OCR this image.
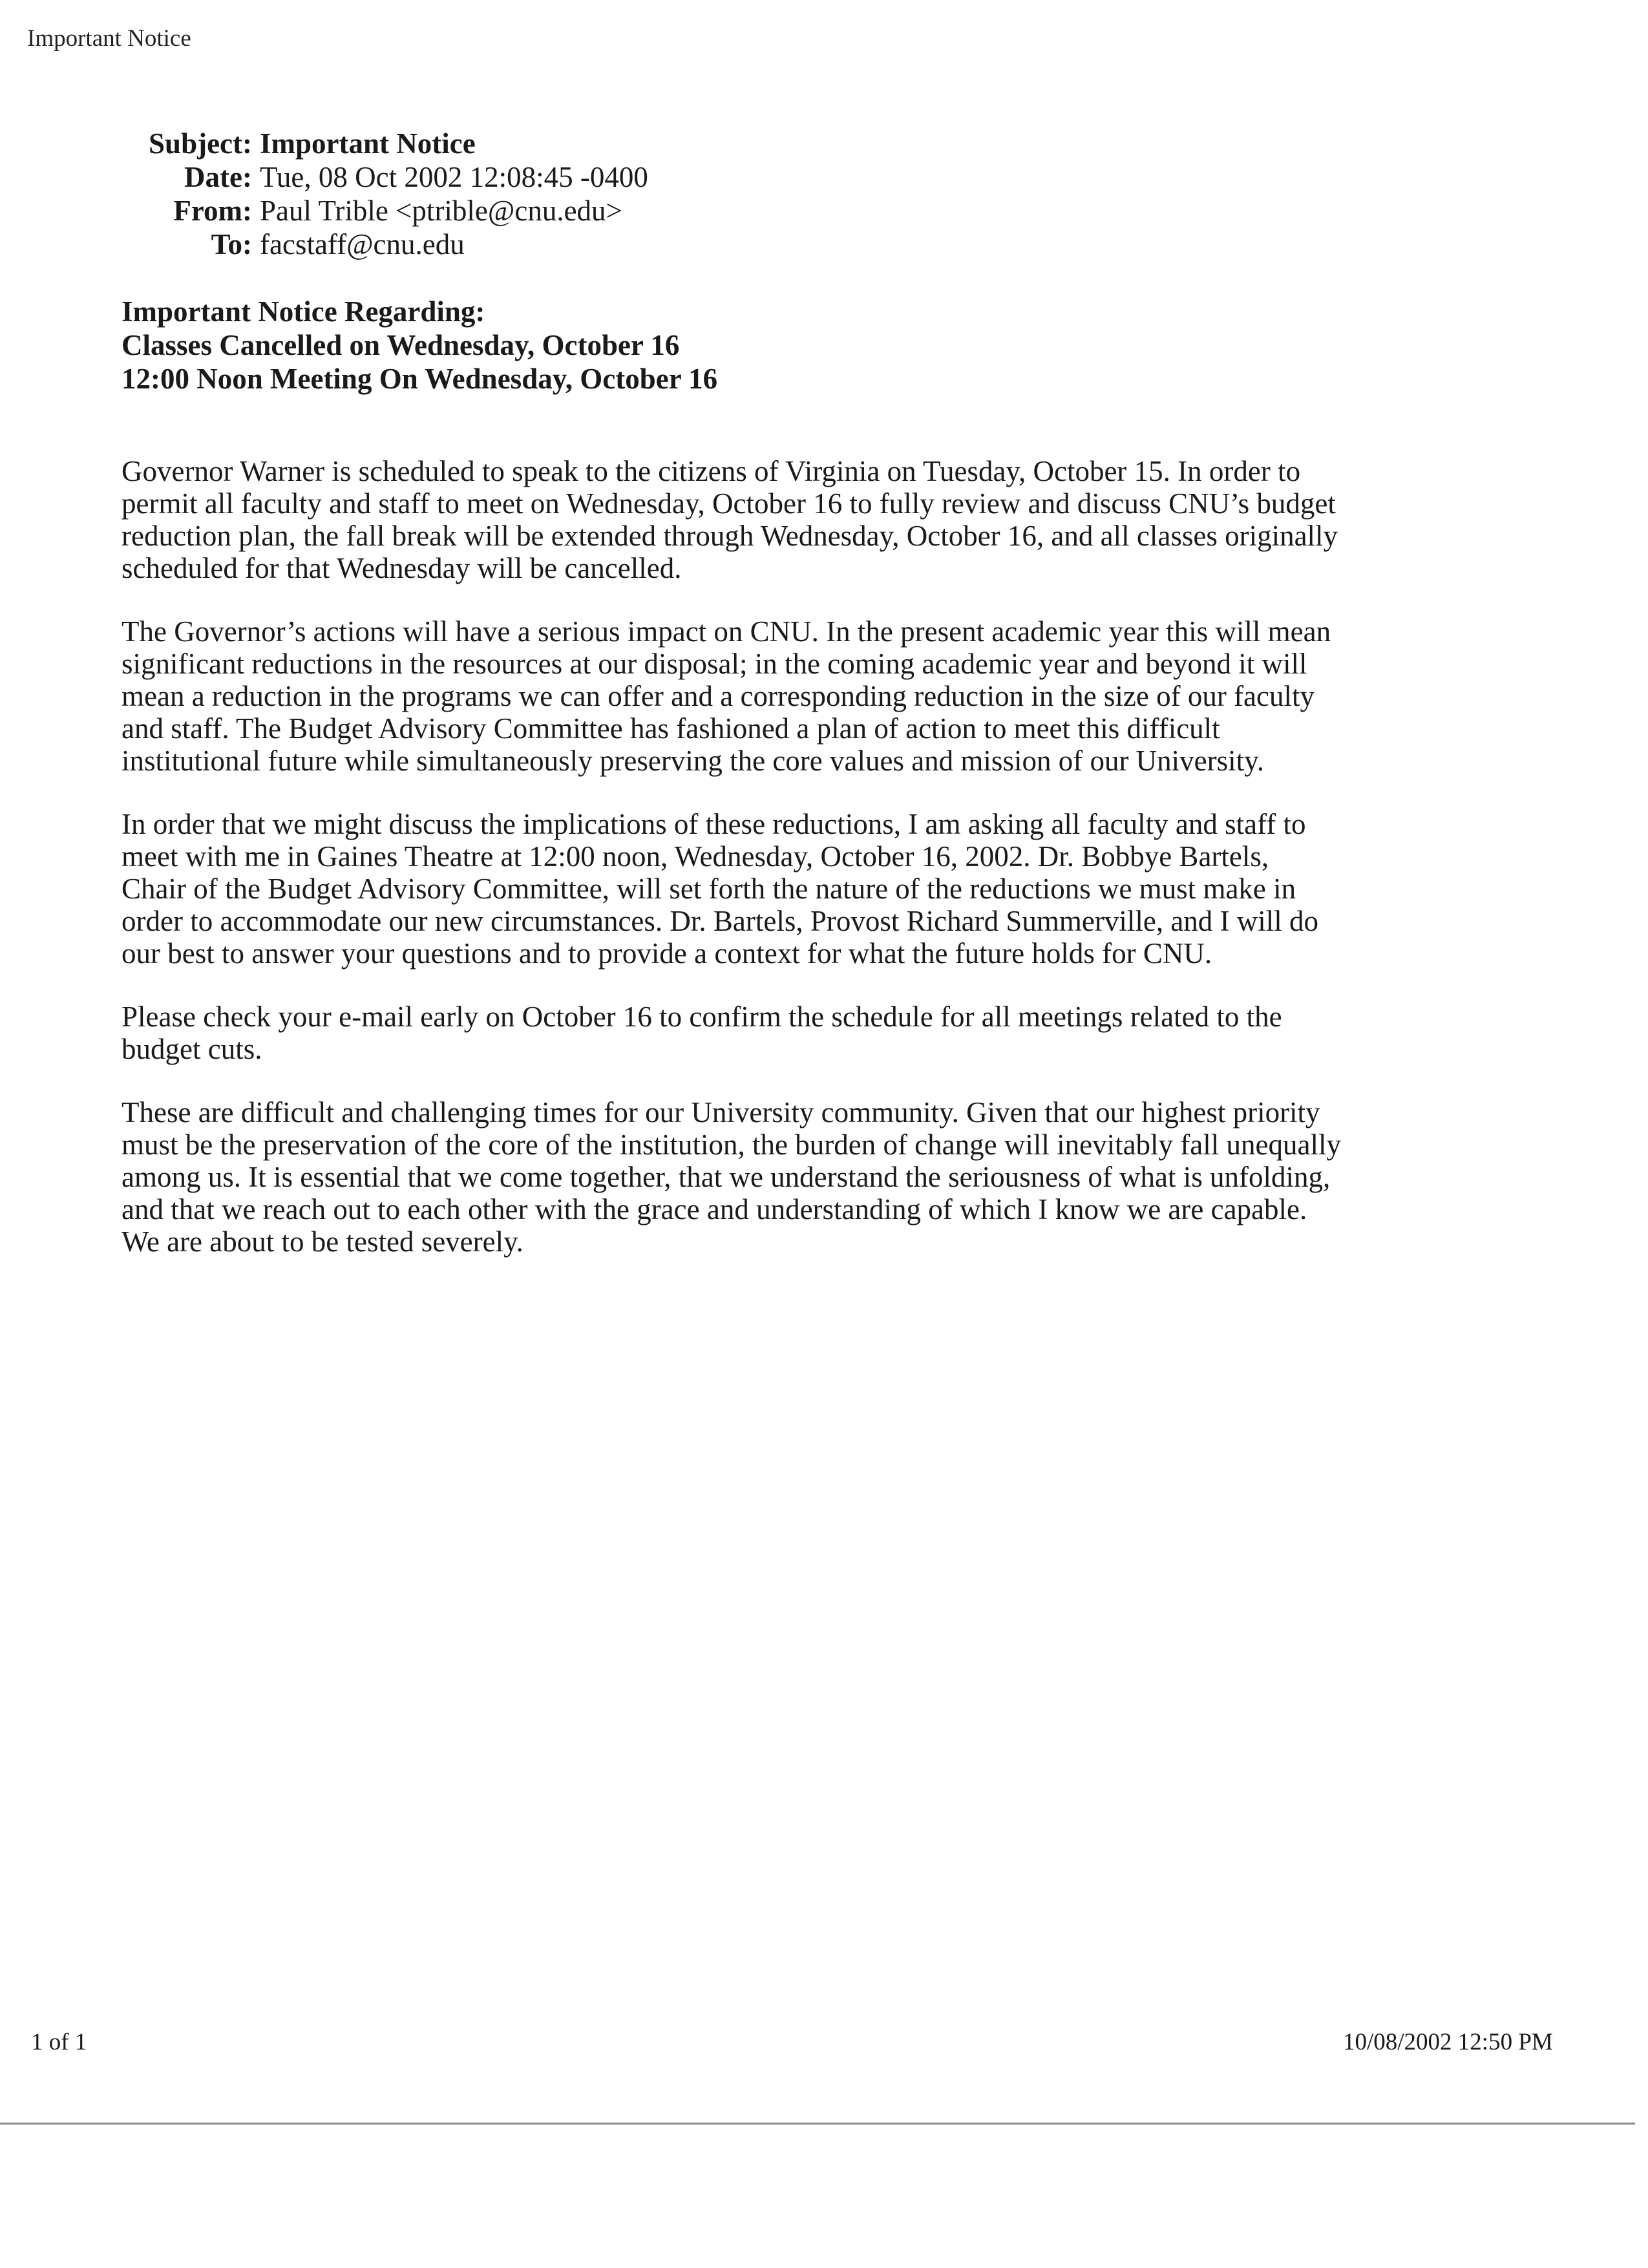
Important Notice
Subject: Important Notice
Date: Tue, 08 Oct 2002 12:08:45 -0400
From: Paul Trible <ptrible@cnu.edu>
To: facstaff@cnu.edu
Important Notice Regarding:
Classes Cancelled on Wednesday, October 16
12:00 Noon Meeting On Wednesday, October 16
Governor Warner is scheduled to speak to the citizens of Virginia on Tuesday, October 15. In order to
permit all faculty and staff to meet on Wednesday, October 16 to fully review and discuss CNU’s budget
reduction plan, the fall break will be extended through Wednesday, October 16, and all classes originally
scheduled for that Wednesday will be cancelled.
The Governor’s actions will have a serious impact on CNU. In the present academic year this will mean
significant reductions in the resources at our disposal; in the coming academic year and beyond it will
mean a reduction in the programs we can offer and a corresponding reduction in the size of our faculty
and staff. The Budget Advisory Committee has fashioned a plan of action to meet this difficult
institutional future while simultaneously preserving the core values and mission of our University.
In order that we might discuss the implications of these reductions, I am asking all faculty and staff to
meet with me in Gaines Theatre at 12:00 noon, Wednesday, October 16, 2002. Dr. Bobbye Bartels,
Chair of the Budget Advisory Committee, will set forth the nature of the reductions we must make in
order to accommodate our new circumstances. Dr. Bartels, Provost Richard Summerville, and I will do
our best to answer your questions and to provide a context for what the future holds for CNU.
Please check your e-mail early on October 16 to confirm the schedule for all meetings related to the
budget cuts.
These are difficult and challenging times for our University community. Given that our highest priority
must be the preservation of the core of the institution, the burden of change will inevitably fall unequally
among us. It is essential that we come together, that we understand the seriousness of what is unfolding,
and that we reach out to each other with the grace and understanding of which I know we are capable.
We are about to be tested severely.
1 of 1	10/08/2002 12:50 PM
